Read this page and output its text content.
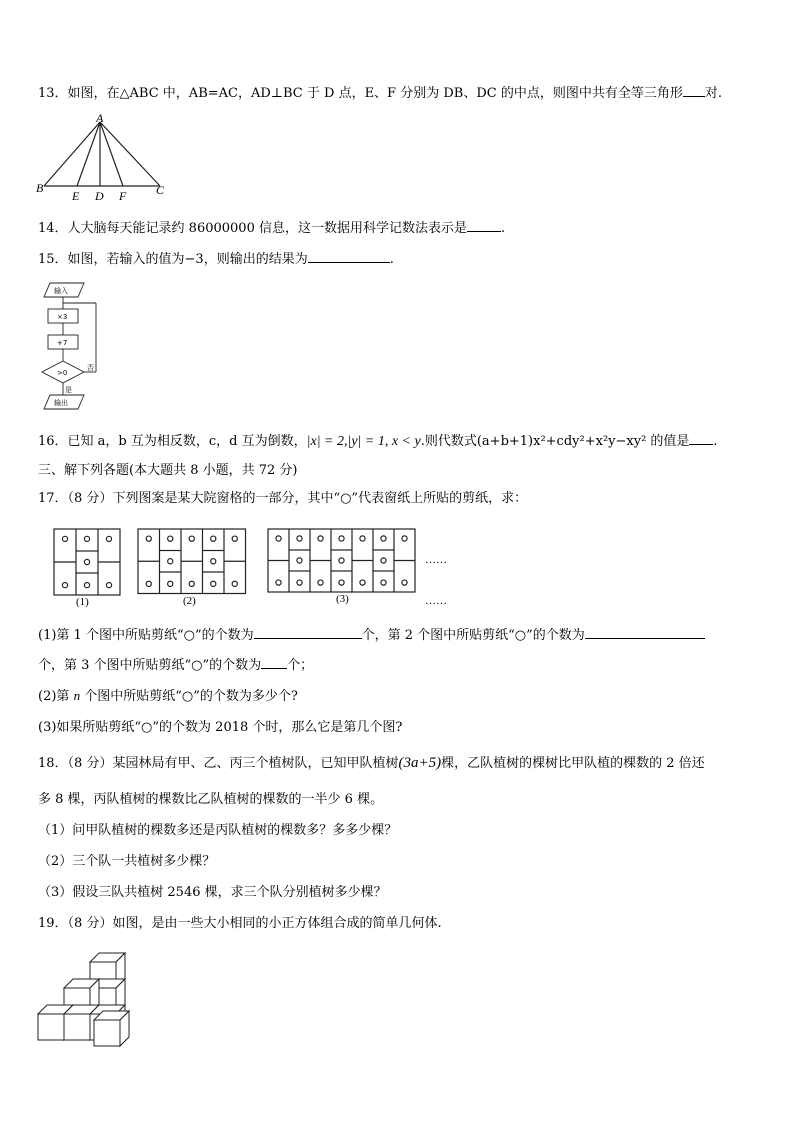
13．如图，在△ABC 中，AB=AC，AD⊥BC 于 D 点，E、F 分别为 DB、DC 的中点，则图中共有全等三角形 对.
A
B
E D F C
14．人大脑每天能记录约 86000000 信息，这一数据用科学记数法表示是	.
15．如图，若输入的值为−3，则输出的结果为	.
输入
×3
+7
>0
否
是
输出
16．已知 a，b 互为相反数，c，d 互为倒数，|x| = 2,|y| = 1, x < y.则代数式(a+b+1)x²+cdy²+x²y−xy² 的值是 .
三、解下列各题(本大题共 8 小题，共 72 分)
17．（8 分）下列图案是某大院窗格的一部分，其中“○”代表窗纸上所贴的剪纸，求：
(1)	(2)	(3)
……
……
(1)第 1 个图中所贴剪纸“○”的个数为	个，第 2 个图中所贴剪纸“○”的个数为
个，第 3 个图中所贴剪纸“○”的个数为 个；
(2)第 n 个图中所贴剪纸“○”的个数为多少个?
(3)如果所贴剪纸“○”的个数为 2018 个时，那么它是第几个图?
18．（8 分）某园林局有甲、乙、丙三个植树队，已知甲队植树(3a+5)棵，乙队植树的棵树比甲队植的棵数的 2 倍还
多 8 棵，丙队植树的棵数比乙队植树的棵数的一半少 6 棵。
（1）问甲队植树的棵数多还是丙队植树的棵数多？多多少棵？
（2）三个队一共植树多少棵？
（3）假设三队共植树 2546 棵，求三个队分别植树多少棵？
19．（8 分）如图，是由一些大小相同的小正方体组合成的简单几何体.
